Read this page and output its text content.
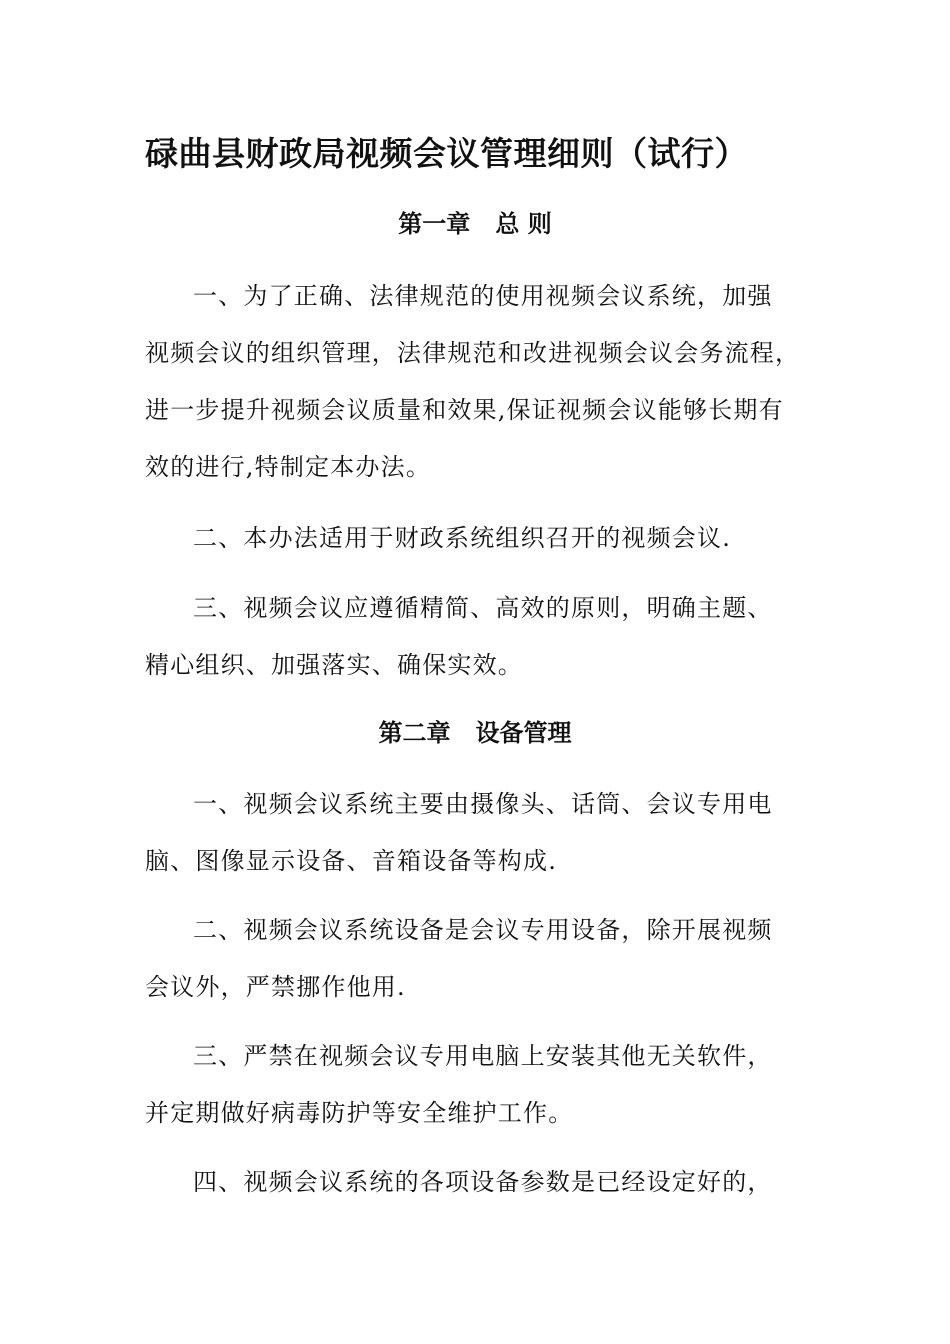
碌曲县财政局视频会议管理细则（试行）
第一章   总 则

一、为了正确、法律规范的使用视频会议系统，加强

视频会议的组织管理，法律规范和改进视频会议会务流程，

进一步提升视频会议质量和效果,保证视频会议能够长期有

效的进行,特制定本办法。

二、本办法适用于财政系统组织召开的视频会议.

三、视频会议应遵循精简、高效的原则，明确主题、

精心组织、加强落实、确保实效。

第二章   设备管理

一、视频会议系统主要由摄像头、话筒、会议专用电

脑、图像显示设备、音箱设备等构成.

二、视频会议系统设备是会议专用设备，除开展视频

会议外，严禁挪作他用.

三、严禁在视频会议专用电脑上安装其他无关软件，

并定期做好病毒防护等安全维护工作。

四、视频会议系统的各项设备参数是已经设定好的，
